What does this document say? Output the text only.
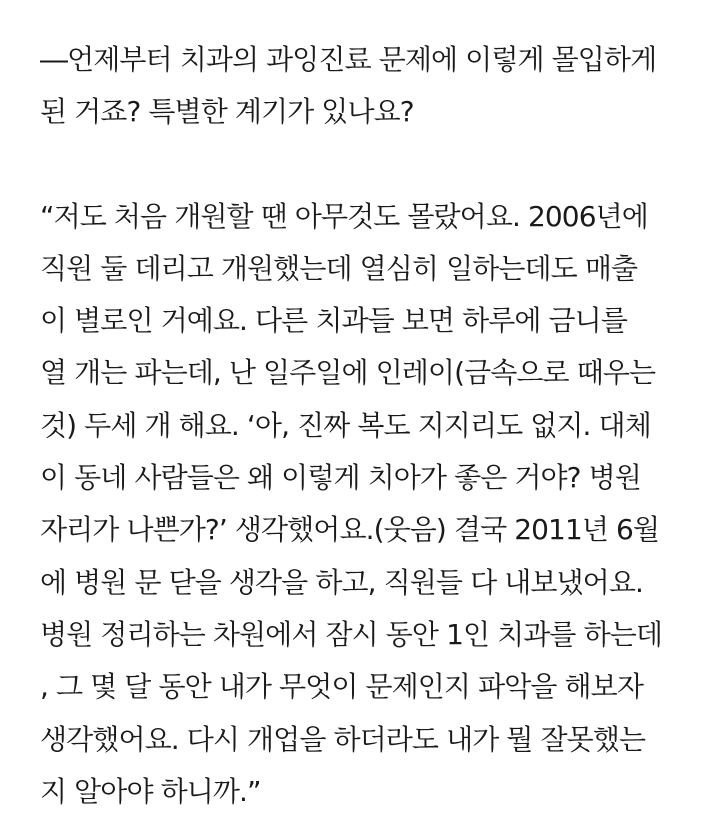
―언제부터 치과의 과잉진료 문제에 이렇게 몰입하게
된 거죠? 특별한 계기가 있나요?

“저도 처음 개원할 땐 아무것도 몰랐어요. 2006년에
직원 둘 데리고 개원했는데 열심히 일하는데도 매출
이 별로인 거예요. 다른 치과들 보면 하루에 금니를
열 개는 파는데, 난 일주일에 인레이(금속으로 때우는
것) 두세 개 해요. ‘아, 진짜 복도 지지리도 없지. 대체
이 동네 사람들은 왜 이렇게 치아가 좋은 거야? 병원
자리가 나쁜가?’ 생각했어요.(웃음) 결국 2011년 6월
에 병원 문 닫을 생각을 하고, 직원들 다 내보냈어요.
병원 정리하는 차원에서 잠시 동안 1인 치과를 하는데
, 그 몇 달 동안 내가 무엇이 문제인지 파악을 해보자
생각했어요. 다시 개업을 하더라도 내가 뭘 잘못했는
지 알아야 하니까.”
